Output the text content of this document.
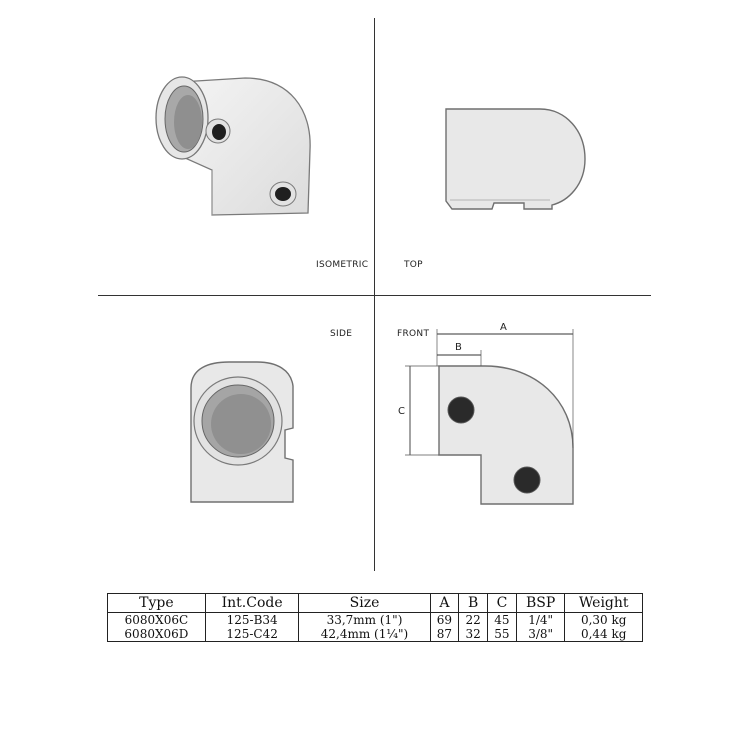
ISOMETRIC	TOP
SIDE	FRONT
A
B
C
Type	Int.Code	Size	A	B	C	BSP	Weight
6080X06C	125-B34	33,7mm (1")	69	22	45	1/4"	0,30 kg
6080X06D	125-C42	42,4mm (1¼")	87	32	55	3/8"	0,44 kg
